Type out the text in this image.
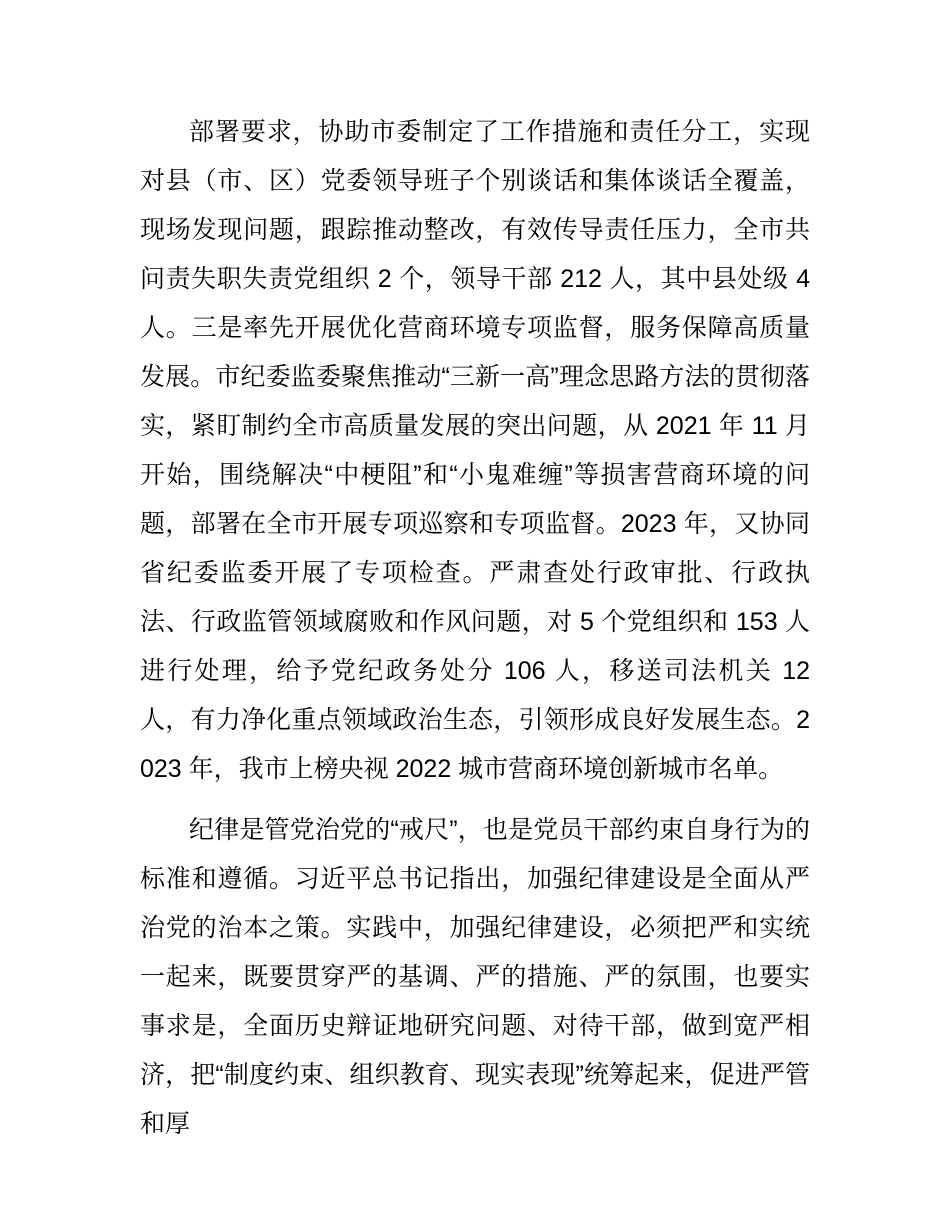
部署要求，协助市委制定了工作措施和责任分工，实现对县（市、区）党委领导班子个别谈话和集体谈话全覆盖，现场发现问题，跟踪推动整改，有效传导责任压力，全市共问责失职失责党组织 2 个，领导干部 212 人，其中县处级 4 人。三是率先开展优化营商环境专项监督，服务保障高质量发展。市纪委监委聚焦推动“三新一高”理念思路方法的贯彻落实，紧盯制约全市高质量发展的突出问题，从 2021 年 11 月开始，围绕解决“中梗阻”和“小鬼难缠”等损害营商环境的问题，部署在全市开展专项巡察和专项监督。2023 年，又协同省纪委监委开展了专项检查。严肃查处行政审批、行政执法、行政监管领域腐败和作风问题，对 5 个党组织和 153 人进行处理，给予党纪政务处分 106 人，移送司法机关 12 人，有力净化重点领域政治生态，引领形成良好发展生态。2023 年，我市上榜央视 2022 城市营商环境创新城市名单。

纪律是管党治党的“戒尺”，也是党员干部约束自身行为的标准和遵循。习近平总书记指出，加强纪律建设是全面从严治党的治本之策。实践中，加强纪律建设，必须把严和实统一起来，既要贯穿严的基调、严的措施、严的氛围，也要实事求是，全面历史辩证地研究问题、对待干部，做到宽严相济，把“制度约束、组织教育、现实表现”统筹起来，促进严管和厚
